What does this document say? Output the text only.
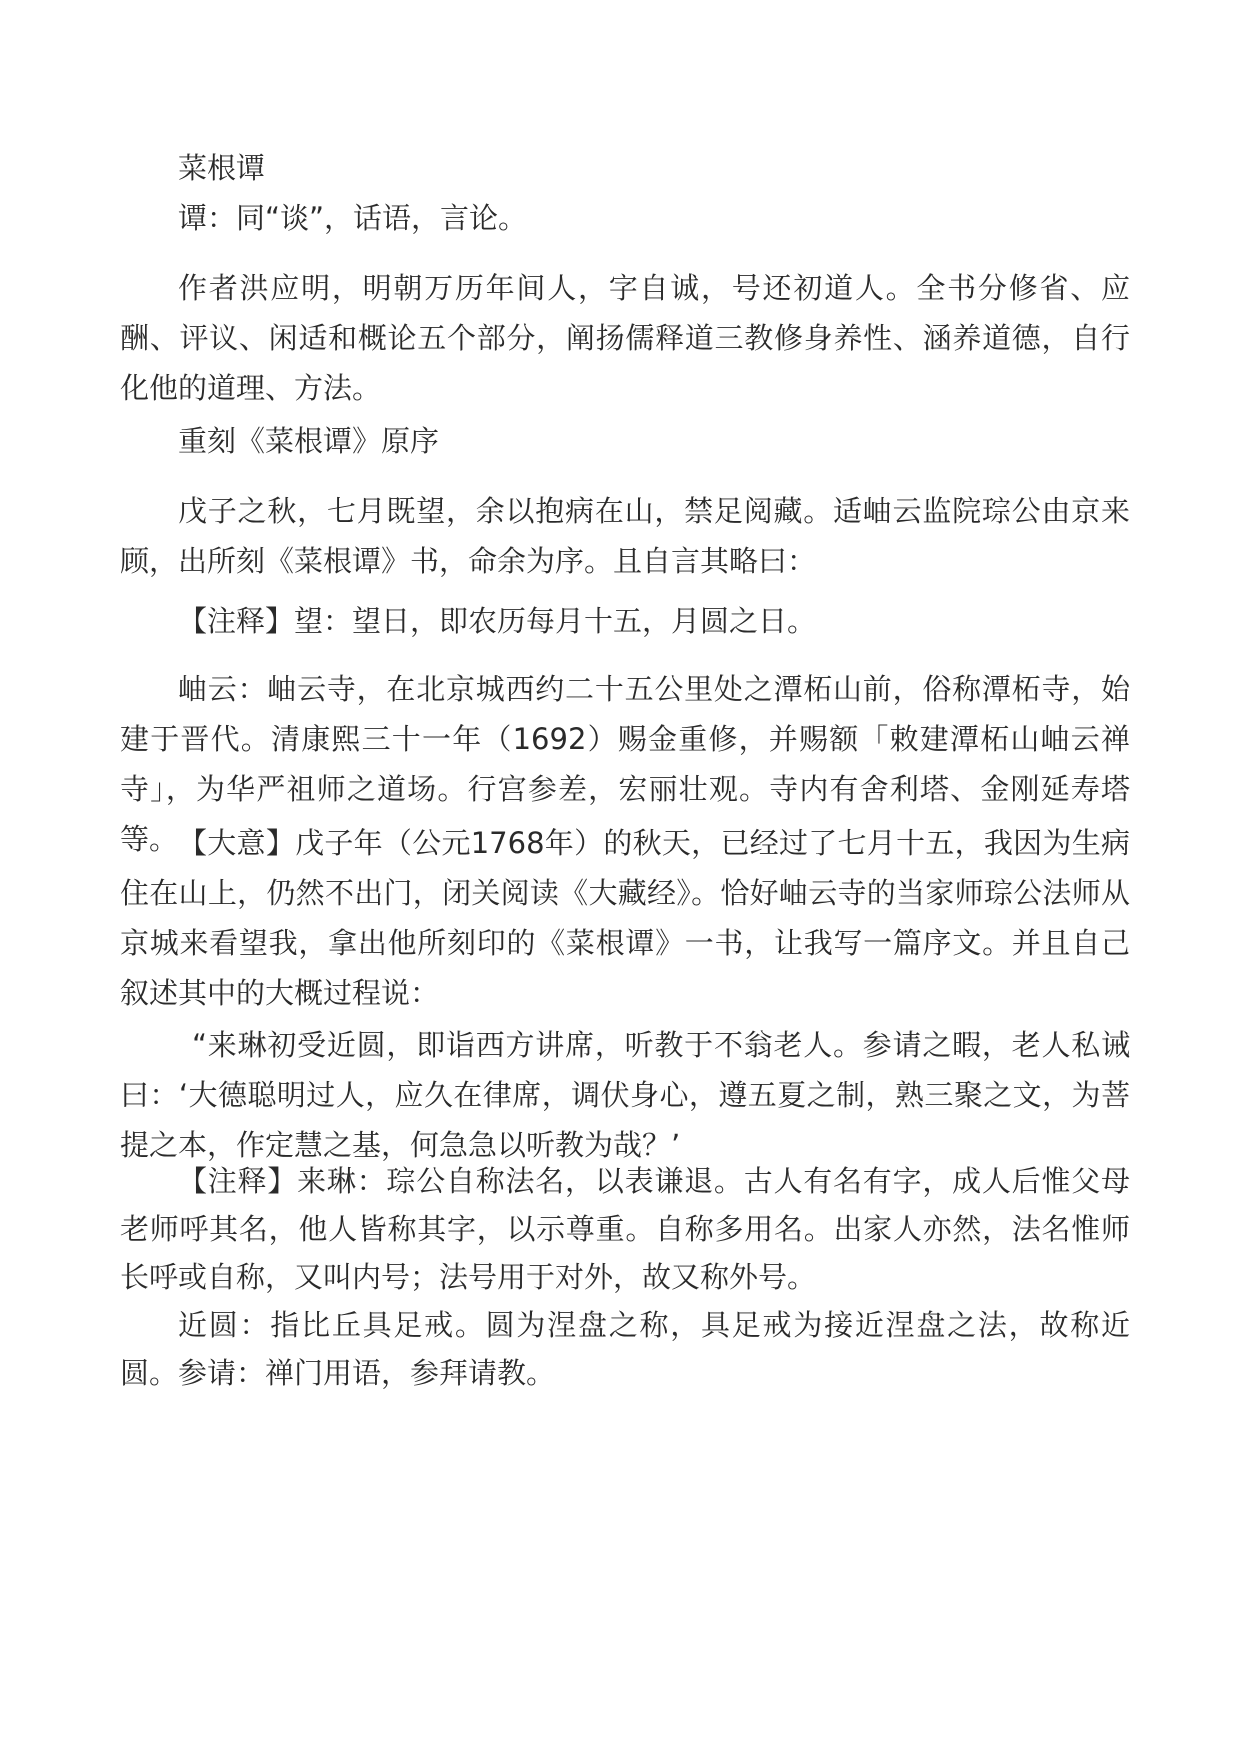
菜根谭

谭：同“谈”，话语，言论。

作者洪应明，明朝万历年间人，字自诚，号还初道人。全书分修省、应酬、评议、闲适和概论五个部分，阐扬儒释道三教修身养性、涵养道德，自行化他的道理、方法。

重刻《菜根谭》原序

戊子之秋，七月既望，余以抱病在山，禁足阅藏。适岫云监院琮公由京来顾，出所刻《菜根谭》书，命余为序。且自言其略曰：

【注释】望：望日，即农历每月十五，月圆之日。

岫云：岫云寺，在北京城西约二十五公里处之潭柘山前，俗称潭柘寺，始建于晋代。清康熙三十一年（1692）赐金重修，并赐额「敕建潭柘山岫云禅寺」，为华严祖师之道场。行宫参差，宏丽壮观。寺内有舍利塔、金刚延寿塔等。 【大意】戊子年（公元1768年）的秋天，已经过了七月十五，我因为生病住在山上，仍然不出门，闭关阅读《大藏经》。恰好岫云寺的当家师琮公法师从京城来看望我，拿出他所刻印的《菜根谭》一书，让我写一篇序文。并且自己叙述其中的大概过程说：

“来琳初受近圆，即诣西方讲席，听教于不翁老人。参请之暇，老人私诫曰：‘大德聪明过人，应久在律席，调伏身心，遵五夏之制，熟三聚之文，为菩提之本，作定慧之基，何急急以听教为哉？’

【注释】来琳：琮公自称法名，以表谦退。古人有名有字，成人后惟父母老师呼其名，他人皆称其字，以示尊重。自称多用名。出家人亦然，法名惟师长呼或自称，又叫内号；法号用于对外，故又称外号。

近圆：指比丘具足戒。圆为涅盘之称，具足戒为接近涅盘之法，故称近圆。 参请：禅门用语，参拜请教。
